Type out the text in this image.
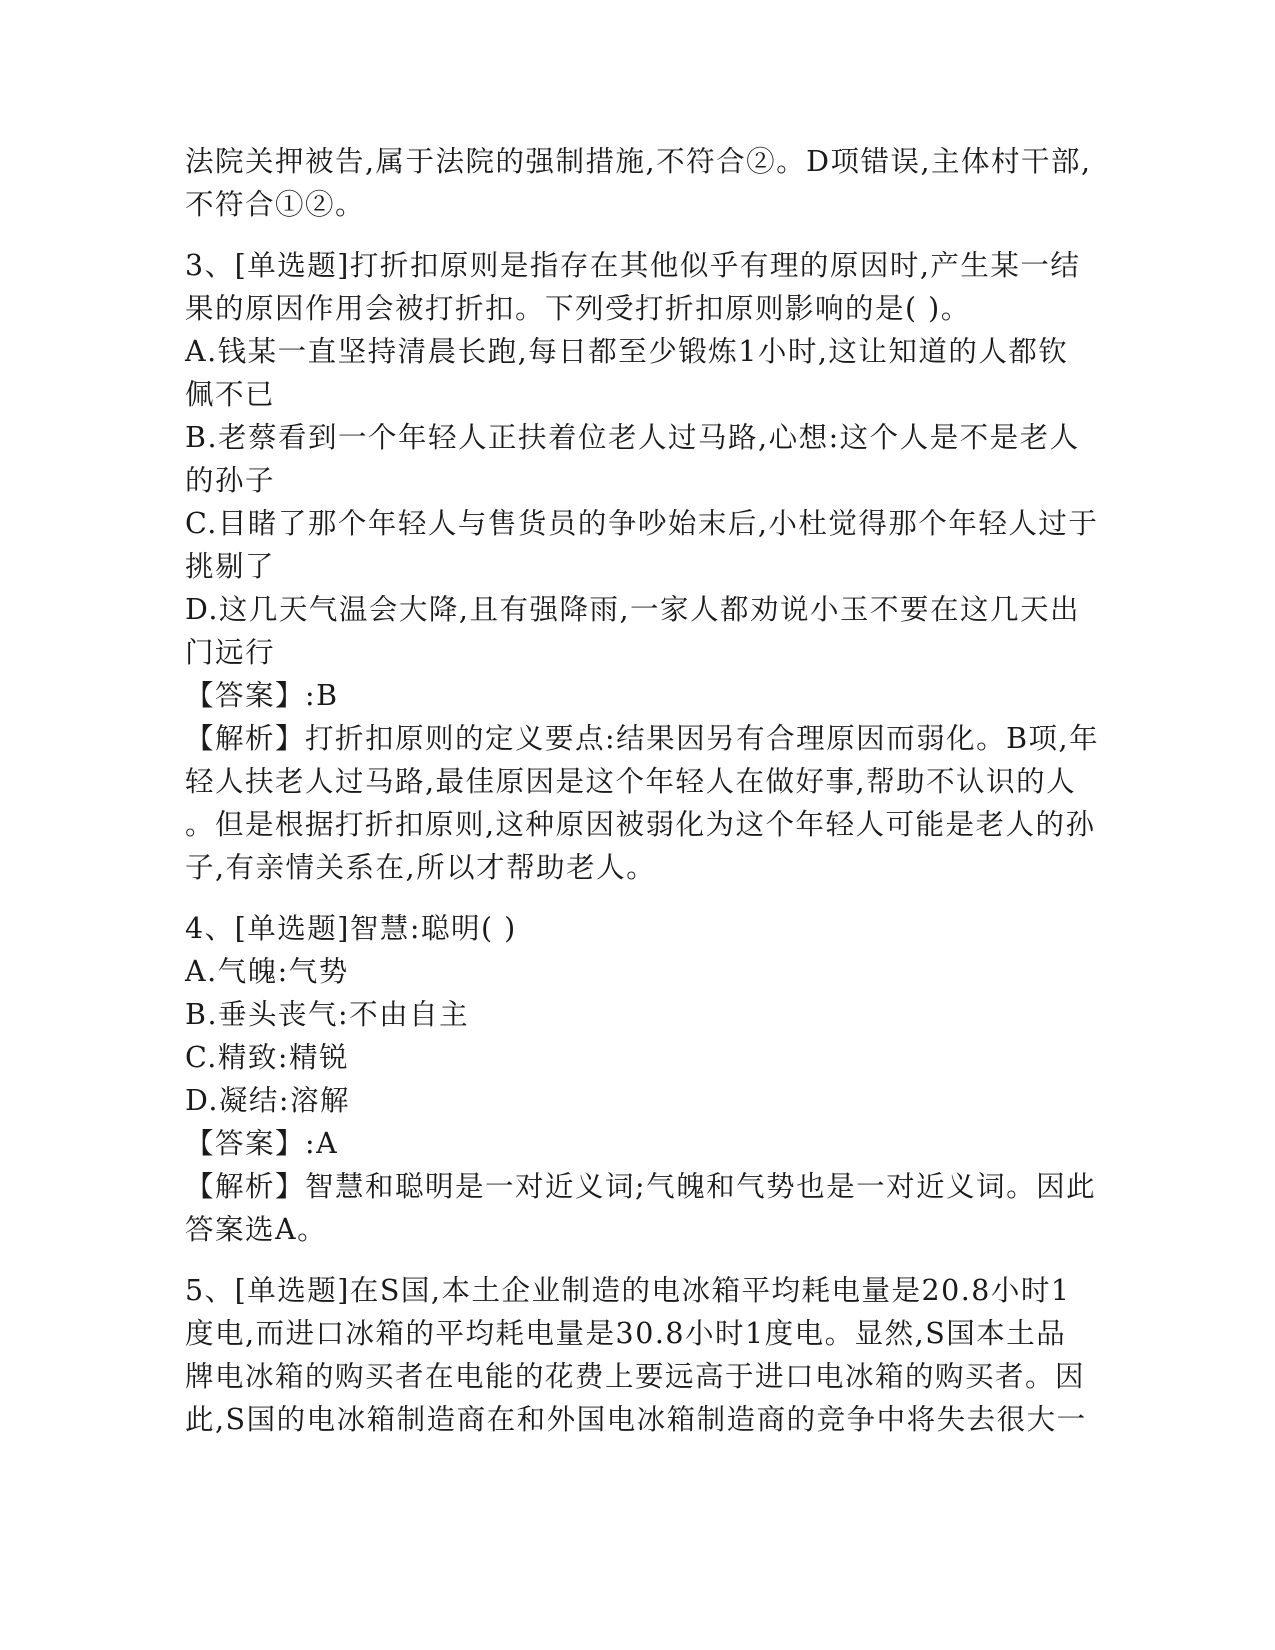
法院关押被告,属于法院的强制措施,不符合②。D项错误,主体村干部,
不符合①②。
3、[单选题]打折扣原则是指存在其他似乎有理的原因时,产生某一结
果的原因作用会被打折扣。下列受打折扣原则影响的是( )。
A.钱某一直坚持清晨长跑,每日都至少锻炼1小时,这让知道的人都钦
佩不已
B.老蔡看到一个年轻人正扶着位老人过马路,心想:这个人是不是老人
的孙子
C.目睹了那个年轻人与售货员的争吵始末后,小杜觉得那个年轻人过于
挑剔了
D.这几天气温会大降,且有强降雨,一家人都劝说小玉不要在这几天出
门远行
【答案】:B
【解析】打折扣原则的定义要点:结果因另有合理原因而弱化。B项,年
轻人扶老人过马路,最佳原因是这个年轻人在做好事,帮助不认识的人
。但是根据打折扣原则,这种原因被弱化为这个年轻人可能是老人的孙
子,有亲情关系在,所以才帮助老人。
4、[单选题]智慧:聪明( )
A.气魄:气势
B.垂头丧气:不由自主
C.精致:精锐
D.凝结:溶解
【答案】:A
【解析】智慧和聪明是一对近义词;气魄和气势也是一对近义词。因此
答案选A。
5、[单选题]在S国,本土企业制造的电冰箱平均耗电量是20.8小时1
度电,而进口冰箱的平均耗电量是30.8小时1度电。显然,S国本土品
牌电冰箱的购买者在电能的花费上要远高于进口电冰箱的购买者。因
此,S国的电冰箱制造商在和外国电冰箱制造商的竞争中将失去很大一
